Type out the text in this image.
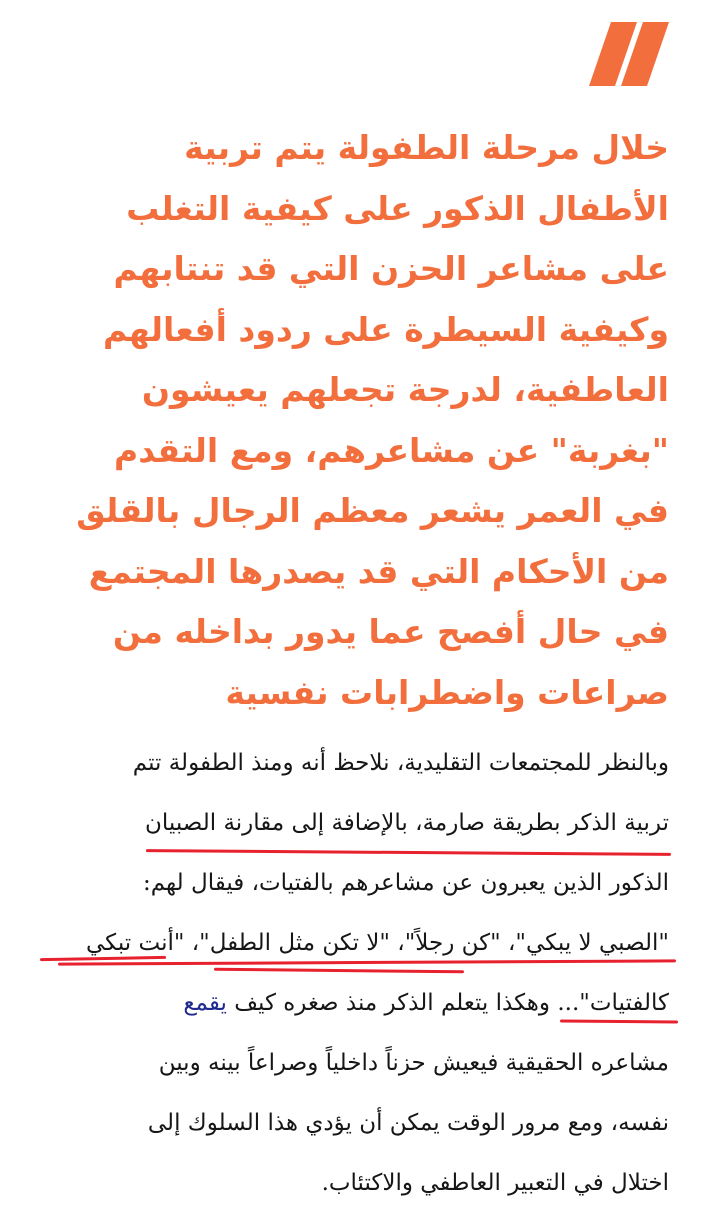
خلال مرحلة الطفولة يتم تربية
الأطفال الذكور على كيفية التغلب
على مشاعر الحزن التي قد تنتابهم
وكيفية السيطرة على ردود أفعالهم
العاطفية، لدرجة تجعلهم يعيشون
"بغربة" عن مشاعرهم، ومع التقدم
في العمر يشعر معظم الرجال بالقلق
من الأحكام التي قد يصدرها المجتمع
في حال أفصح عما يدور بداخله من
صراعات واضطرابات نفسية
وبالنظر للمجتمعات التقليدية، نلاحظ أنه ومنذ الطفولة تتم
تربية الذكر بطريقة صارمة، بالإضافة إلى مقارنة الصبيان
الذكور الذين يعبرون عن مشاعرهم بالفتيات، فيقال لهم:
"الصبي لا يبكي"، "كن رجلاً"، "لا تكن مثل الطفل"، "أنت تبكي
كالفتيات"... وهكذا يتعلم الذكر منذ صغره كيف يقمع
مشاعره الحقيقية فيعيش حزناً داخلياً وصراعاً بينه وبين
نفسه، ومع مرور الوقت يمكن أن يؤدي هذا السلوك إلى
اختلال في التعبير العاطفي والاكتئاب.
